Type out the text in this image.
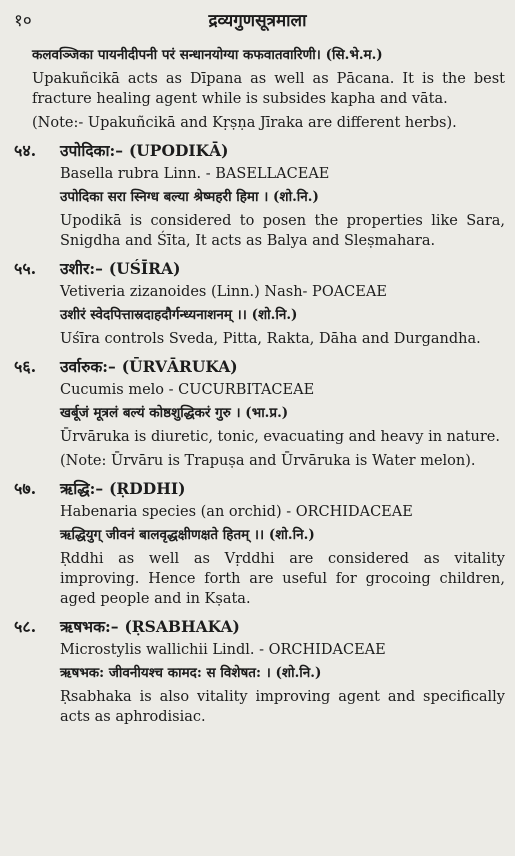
१०	द्रव्यगुणसूत्रमाला
कलवञ्जिका पायनीदीपनी परं सन्धानयोग्या कफवातवारिणी। (सि.भे.म.)
Upakuñcikā acts as Dīpana as well as Pācana. It is the best fracture healing agent while is subsides kapha and vāta.
(Note:- Upakuñcikā and Kṛṣṇa Jīraka are different herbs).
५४. उपोदिका:– (UPODIKĀ)
Basella rubra Linn. - BASELLACEAE
उपोदिका सरा स्निग्ध बल्या श्रेष्महरी हिमा । (शो.नि.)
Upodikā is considered to posen the properties like Sara, Snigdha and Śīta, It acts as Balya and Sleṣmahara.
५५. उशीर:– (UŚĪRA)
Vetiveria zizanoides (Linn.) Nash- POACEAE
उशीरं स्वेदपित्तास्रदाहदौर्गन्ध्यनाशनम् ।। (शो.नि.)
Uśīra controls Sveda, Pitta, Rakta, Dāha and Durgandha.
५६. उर्वारुक:– (ŪRVĀRUKA)
Cucumis melo - CUCURBITACEAE
खर्बूजं मूत्रलं बल्यं कोष्ठशुद्धिकरं गुरु । (भा.प्र.)
Ūrvāruka is diuretic, tonic, evacuating and heavy in nature.
(Note: Ūrvāru is Trapuṣa and Ūrvāruka is Water melon).
५७. ऋद्धि:– (ṚDDHI)
Habenaria species (an orchid) - ORCHIDACEAE
ऋद्धियुग् जीवनं बालवृद्धक्षीणक्षते हितम् ।। (शो.नि.)
Ṛddhi as well as Vṛddhi are considered as vitality improving. Hence forth are useful for grocoing children, aged people and in Kṣata.
५८. ऋषभक:– (ṚSABHAKA)
Microstylis wallichii Lindl. - ORCHIDACEAE
ऋषभक: जीवनीयश्च कामद: स विशेषत: । (शो.नि.)
Ṛsabhaka is also vitality improving agent and specifically acts as aphrodisiac.
